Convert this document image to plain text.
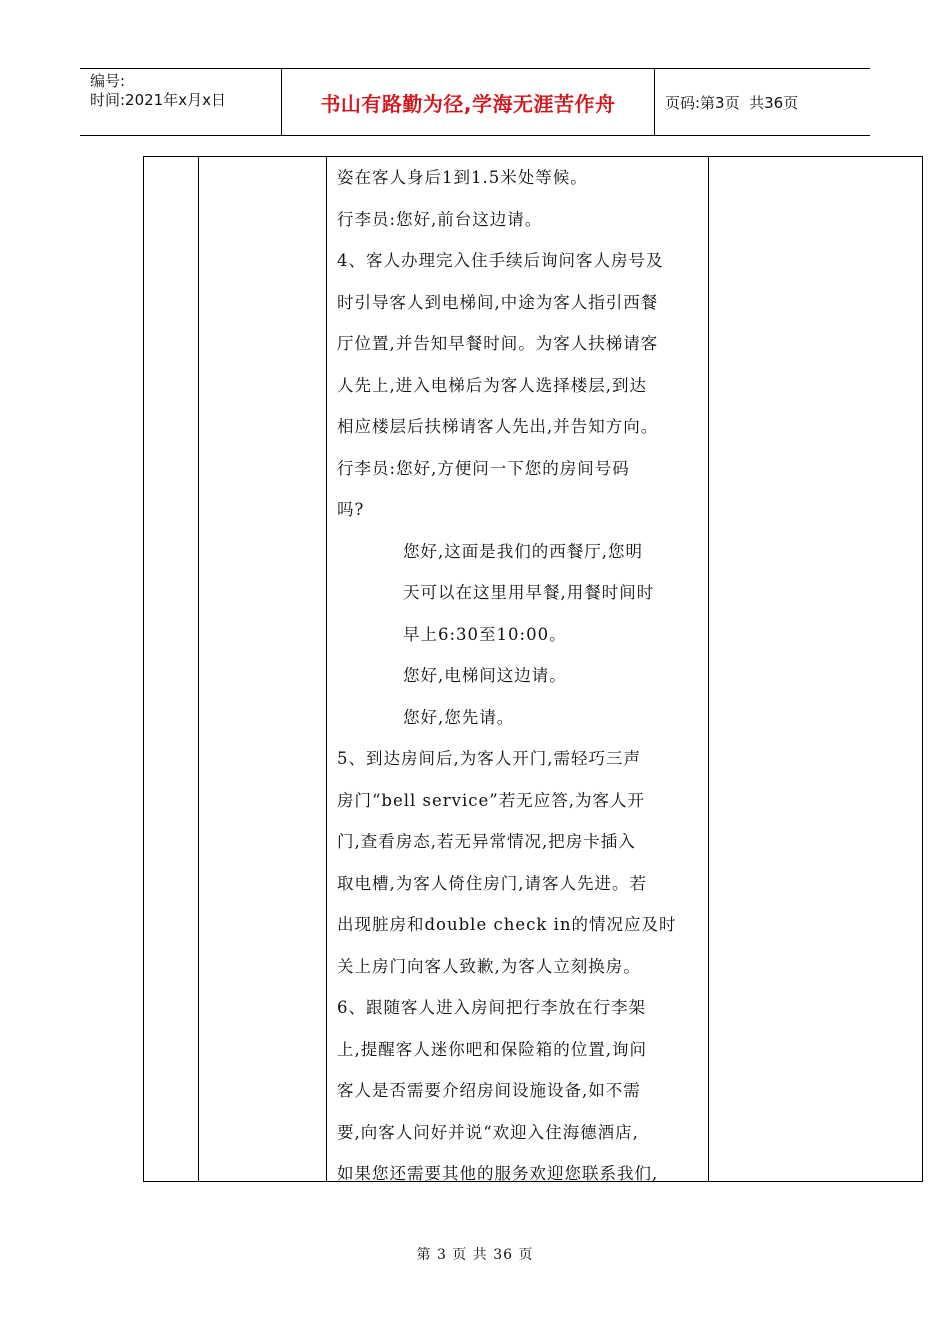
编号:
时间:2021年x月x日	书山有路勤为径,学海无涯苦作舟	页码:第3页  共36页
姿在客人身后1到1.5米处等候。
行李员:您好,前台这边请。
4、客人办理完入住手续后询问客人房号及
时引导客人到电梯间,中途为客人指引西餐
厅位置,并告知早餐时间。为客人扶梯请客
人先上,进入电梯后为客人选择楼层,到达
相应楼层后扶梯请客人先出,并告知方向。
行李员:您好,方便问一下您的房间号码
吗?
您好,这面是我们的西餐厅,您明
天可以在这里用早餐,用餐时间时
早上6:30至10:00。
您好,电梯间这边请。
您好,您先请。
5、到达房间后,为客人开门,需轻巧三声
房门“bell service”若无应答,为客人开
门,查看房态,若无异常情况,把房卡插入
取电槽,为客人倚住房门,请客人先进。若
出现脏房和double check in的情况应及时
关上房门向客人致歉,为客人立刻换房。
6、跟随客人进入房间把行李放在行李架
上,提醒客人迷你吧和保险箱的位置,询问
客人是否需要介绍房间设施设备,如不需
要,向客人问好并说“欢迎入住海德酒店,
如果您还需要其他的服务欢迎您联系我们,
第 3 页 共 36 页
